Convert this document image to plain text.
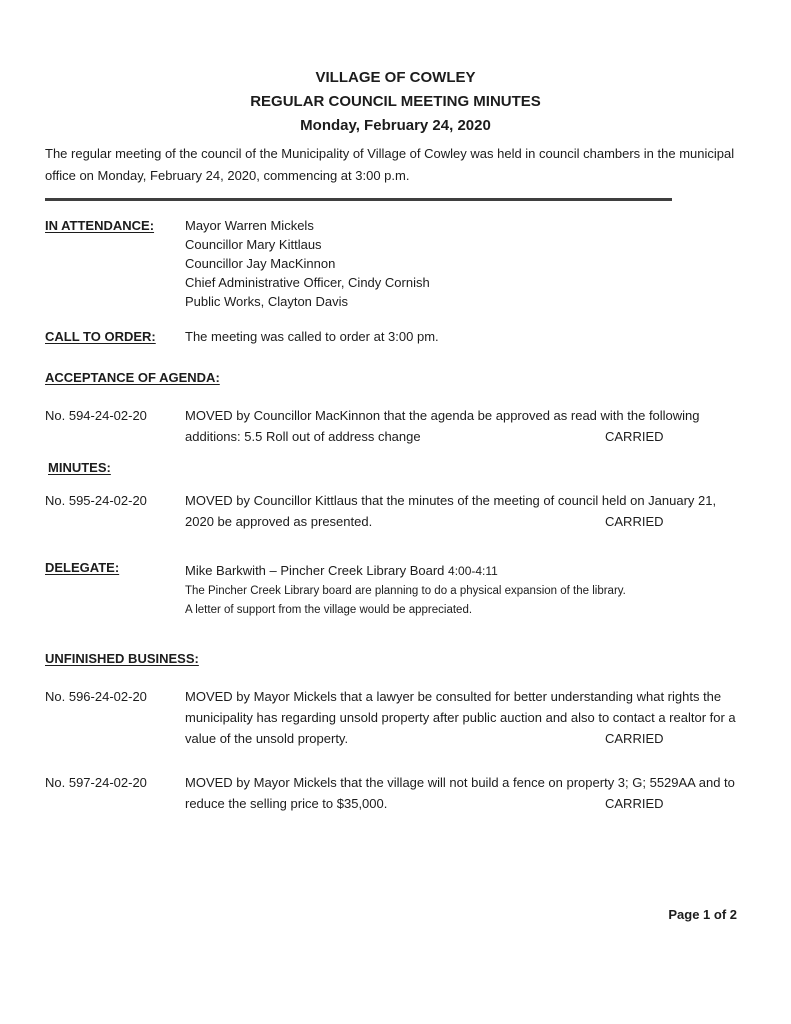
VILLAGE OF COWLEY
REGULAR COUNCIL MEETING MINUTES
Monday, February 24, 2020

The regular meeting of the council of the Municipality of Village of Cowley was held in council chambers in the municipal office on Monday, February 24, 2020, commencing at 3:00 p.m.

IN ATTENDANCE:	Mayor Warren Mickels
Councillor Mary Kittlaus
Councillor Jay MacKinnon
Chief Administrative Officer, Cindy Cornish
Public Works, Clayton Davis
CALL TO ORDER:	The meeting was called to order at 3:00 pm.
ACCEPTANCE OF AGENDA:
No. 594-24-02-20	MOVED by Councillor MacKinnon that the agenda be approved as read with the following additions: 5.5 Roll out of address change	CARRIED
MINUTES:
No. 595-24-02-20	MOVED by Councillor Kittlaus that the minutes of the meeting of council held on January 21, 2020 be approved as presented.	CARRIED
DELEGATE:	Mike Barkwith – Pincher Creek Library Board 4:00-4:11
The Pincher Creek Library board are planning to do a physical expansion of the library.
A letter of support from the village would be appreciated.
UNFINISHED BUSINESS:
No. 596-24-02-20	MOVED by Mayor Mickels that a lawyer be consulted for better understanding what rights the municipality has regarding unsold property after public auction and also to contact a realtor for a value of the unsold property.	CARRIED
No. 597-24-02-20	MOVED by Mayor Mickels that the village will not build a fence on property 3; G; 5529AA and to reduce the selling price to $35,000.	CARRIED
Page 1 of 2
